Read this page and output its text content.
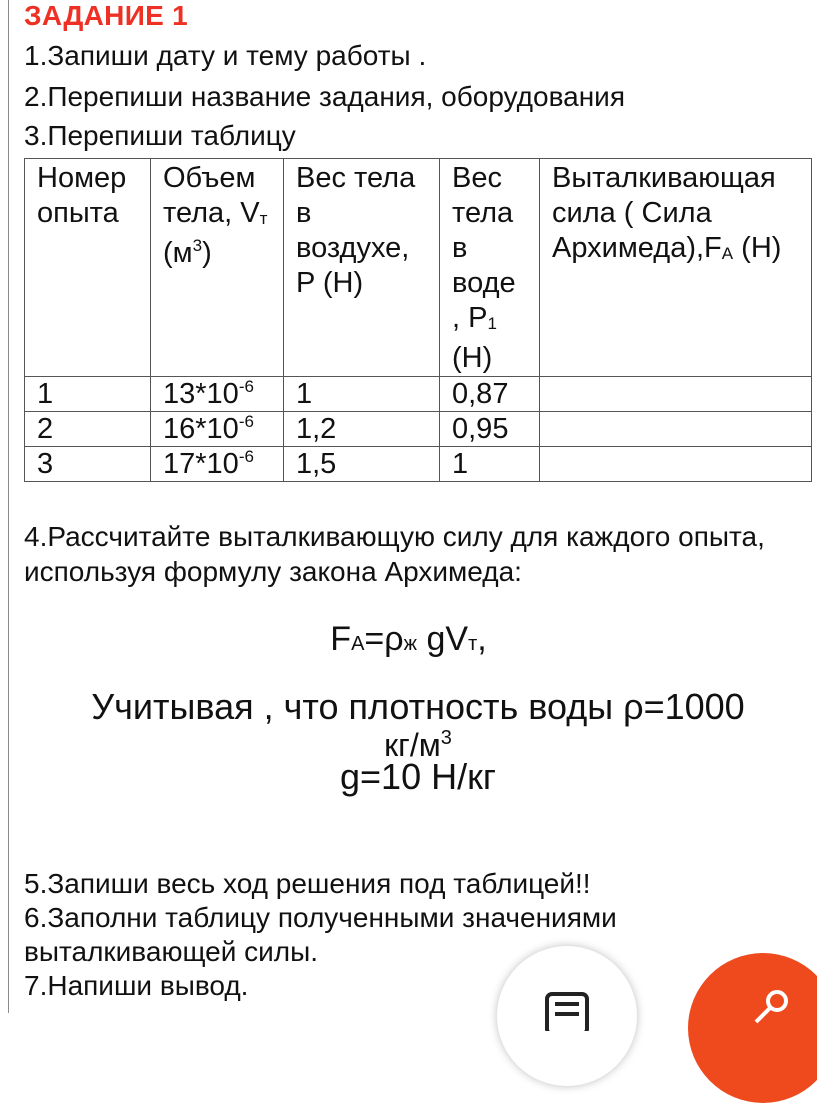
ЗАДАНИЕ 1
1.Запиши дату и тему работы .
2.Перепиши название задания, оборудования
3.Перепиши таблицу
Номер опыта	Объем тела, $V_т$ $(м^3)$	Вес тела в воздухе, P (Н)	Вес тела в воде , $P_1$ (Н)	Выталкивающая сила ( Сила $Архимеда),F_А$ (Н)
1	$13*10^{-6}$	1	0,87	
2	$16*10^{-6}$	1,2	0,95	
3	$17*10^{-6}$	1,5	1	
4.Рассчитайте выталкивающую силу для каждого опыта, используя формулу закона Архимеда:
FА=ρж gVт,
Учитывая , что плотность воды ρ=1000
$кг/м^3$
g=10 Н/кг
5.Запиши весь ход решения под таблицей!!
6.Заполни таблицу полученными значениями
выталкивающей силы.
7.Напиши вывод.
